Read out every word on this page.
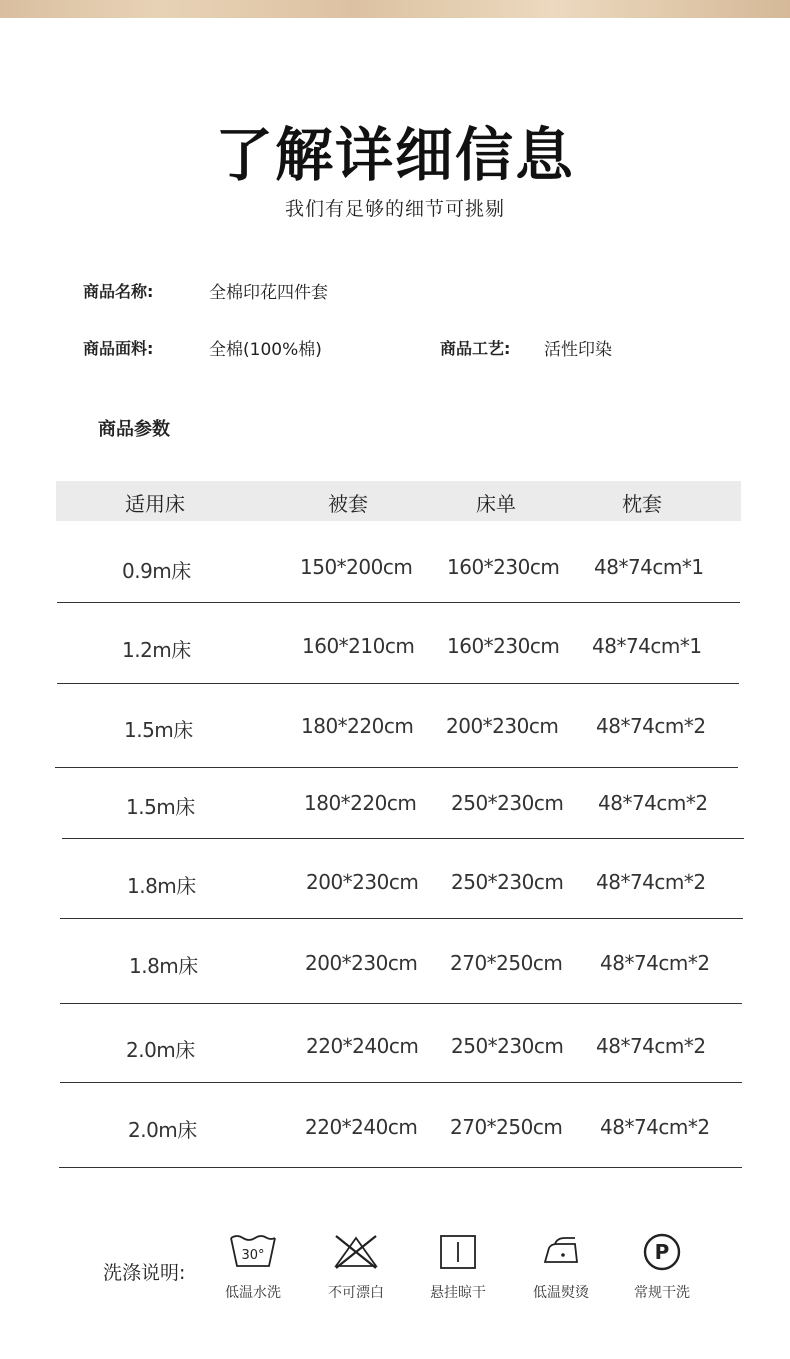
了解详细信息
我们有足够的细节可挑剔
商品名称:	全棉印花四件套
商品面料:	全棉(100%棉)	商品工艺: 活性印染
商品参数
适用床	被套	床单	枕套
0.9m床	150*200cm 160*230cm 48*74cm*1
1.2m床	160*210cm 160*230cm 48*74cm*1
1.5m床	180*220cm 200*230cm 48*74cm*2
1.5m床	180*220cm 250*230cm 48*74cm*2
1.8m床	200*230cm 250*230cm 48*74cm*2
1.8m床	200*230cm 270*250cm 48*74cm*2
2.0m床	220*240cm 250*230cm 48*74cm*2
2.0m床	220*240cm 270*250cm 48*74cm*2
洗涤说明:
30°
低温水洗	不可漂白	悬挂晾干	低温熨烫
P
常规干洗
